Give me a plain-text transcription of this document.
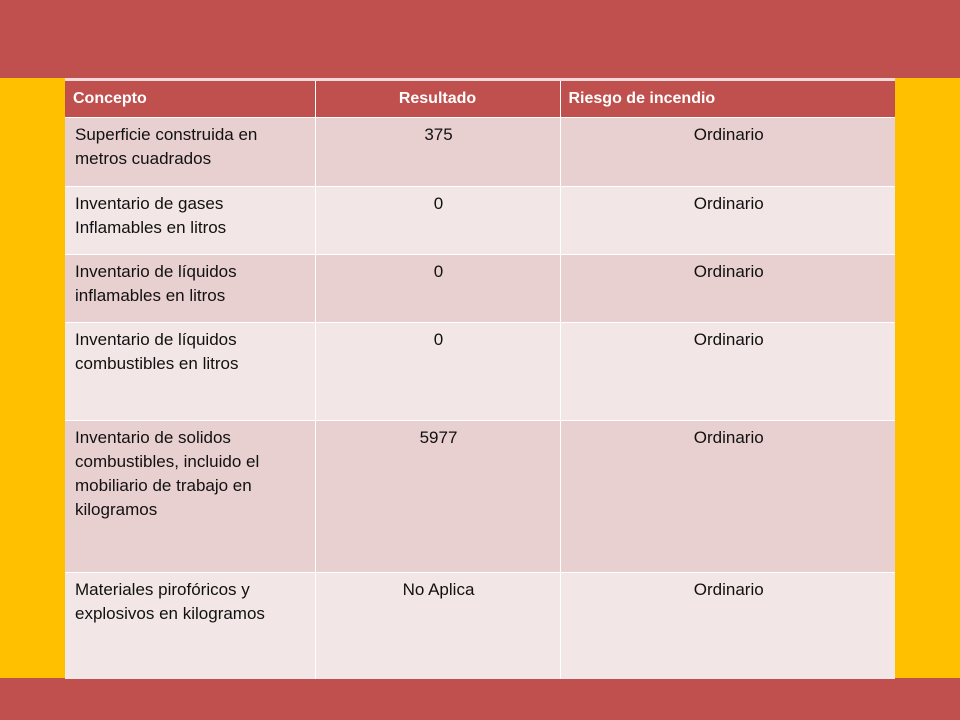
Concepto	Resultado	Riesgo de incendio
Superficie construida en metros cuadrados	375	Ordinario
Inventario de gases Inflamables en litros	0	Ordinario
Inventario de líquidos inflamables en litros	0	Ordinario
Inventario de líquidos combustibles en litros	0	Ordinario
Inventario de solidos combustibles, incluido el mobiliario de trabajo en kilogramos	5977	Ordinario
Materiales pirofóricos y explosivos en kilogramos	No Aplica	Ordinario
